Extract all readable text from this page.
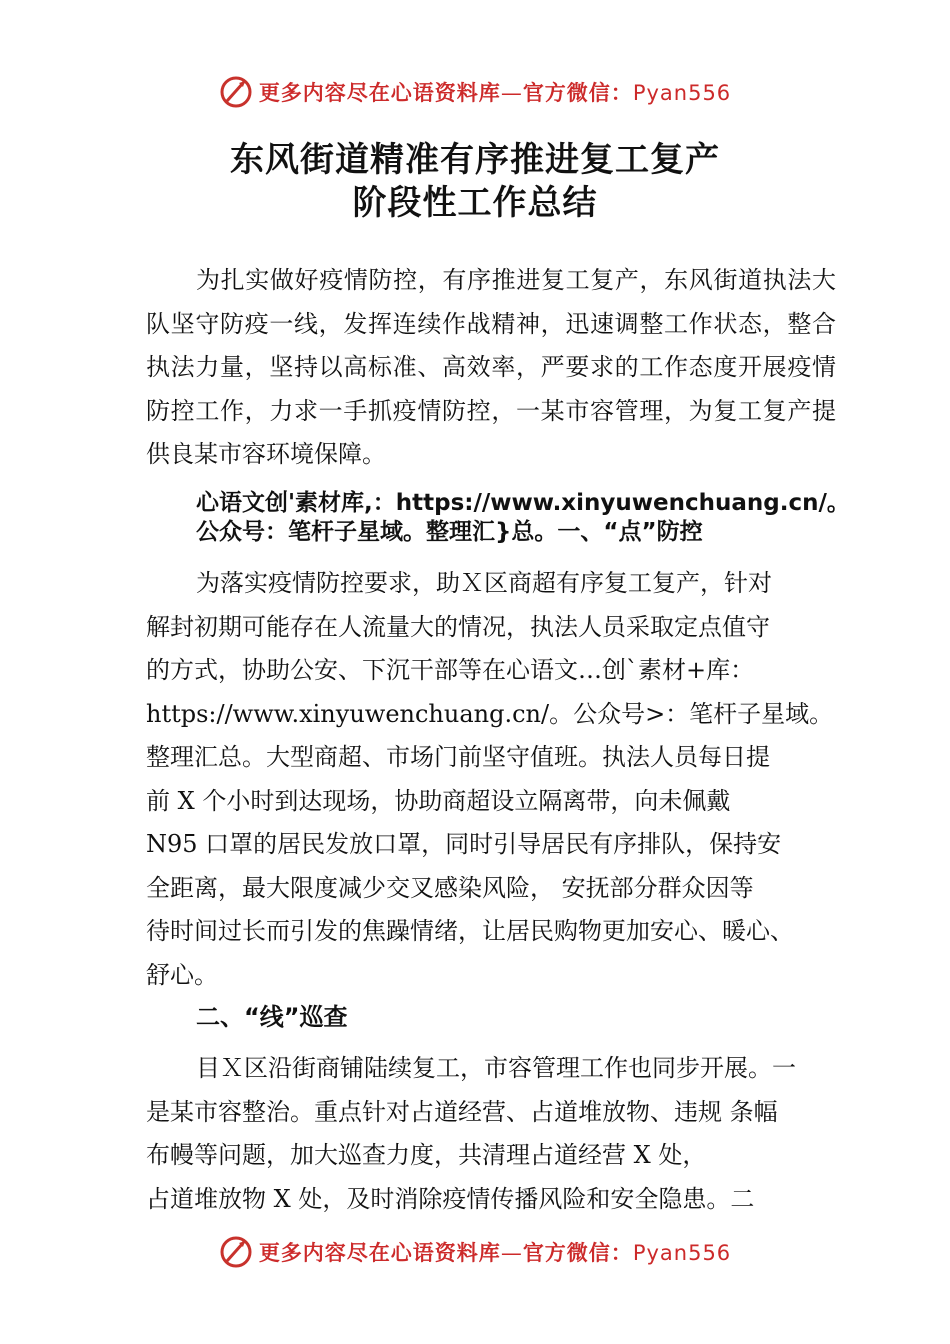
更多内容尽在心语资料库—官方微信：Pyan556
东风街道精准有序推进复工复产
阶段性工作总结
为扎实做好疫情防控，有序推进复工复产，东风街道执法大队坚守防疫一线，发挥连续作战精神，迅速调整工作状态，整合执法力量，坚持以高标准、高效率，严要求的工作态度开展疫情防控工作，力求一手抓疫情防控，一某市容管理，为复工复产提供良某市容环境保障。
心语文创'素材库,：https://www.xinyuwenchuang.cn/。
公众号：笔杆子星域。整理汇}总。一、“点”防控
为落实疫情防控要求，助Ｘ区商超有序复工复产，针对
解封初期可能存在人流量大的情况，执法人员采取定点值守
的方式，协助公安、下沉干部等在心语文…创`素材+库：
https://www.xinyuwenchuang.cn/。公众号>：笔杆子星域。
整理汇总。大型商超、市场门前坚守值班。执法人员每日提
前 X 个小时到达现场，协助商超设立隔离带，向未佩戴
N95 口罩的居民发放口罩，同时引导居民有序排队，保持安
全距离，最大限度减少交叉感染风险， 安抚部分群众因等
待时间过长而引发的焦躁情绪，让居民购物更加安心、暖心、
舒心。
二、“线”巡查
目Ｘ区沿街商铺陆续复工，市容管理工作也同步开展。一
是某市容整治。重点针对占道经营、占道堆放物、违规 条幅
布幔等问题，加大巡查力度，共清理占道经营 X 处，
占道堆放物 X 处，及时消除疫情传播风险和安全隐患。二
更多内容尽在心语资料库—官方微信：Pyan556
